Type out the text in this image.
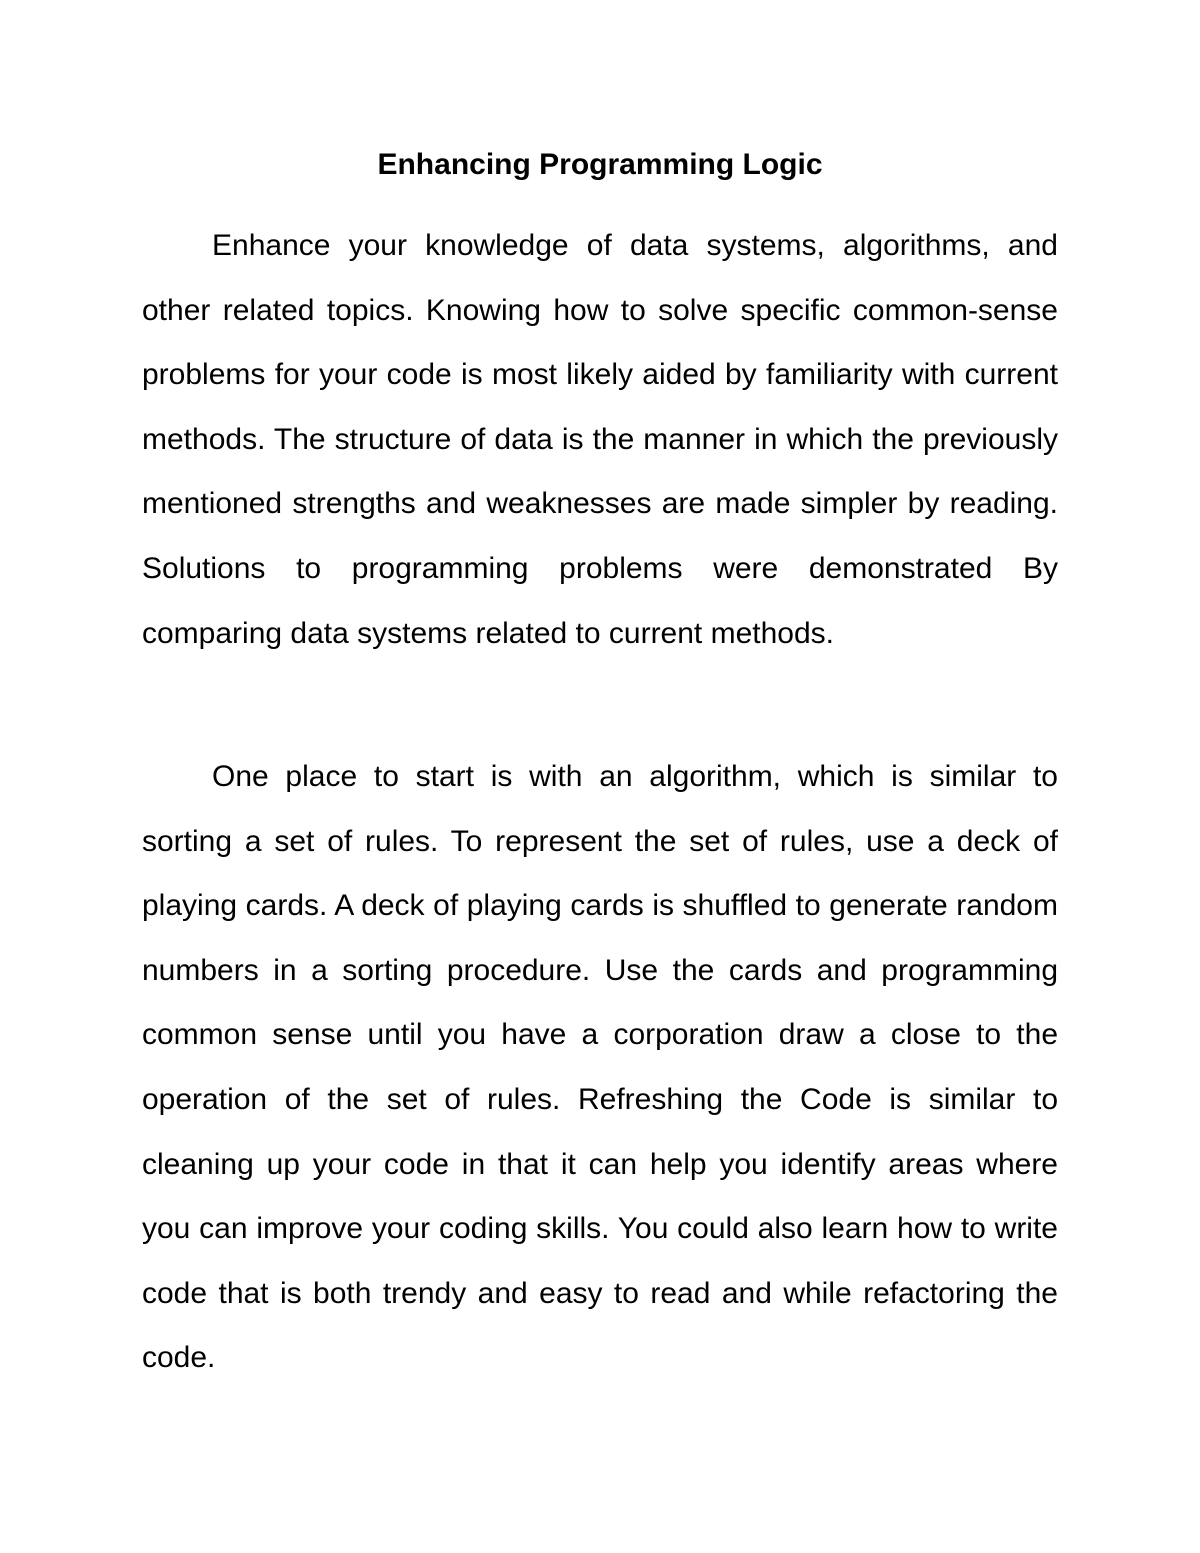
Enhancing Programming Logic

Enhance your knowledge of data systems, algorithms, and other related topics. Knowing how to solve specific common-sense problems for your code is most likely aided by familiarity with current methods. The structure of data is the manner in which the previously mentioned strengths and weaknesses are made simpler by reading. Solutions to programming problems were demonstrated By comparing data systems related to current methods.

One place to start is with an algorithm, which is similar to sorting a set of rules. To represent the set of rules, use a deck of playing cards. A deck of playing cards is shuffled to generate random numbers in a sorting procedure. Use the cards and programming common sense until you have a corporation draw a close to the operation of the set of rules. Refreshing the Code is similar to cleaning up your code in that it can help you identify areas where you can improve your coding skills. You could also learn how to write code that is both trendy and easy to read and while refactoring the code.
